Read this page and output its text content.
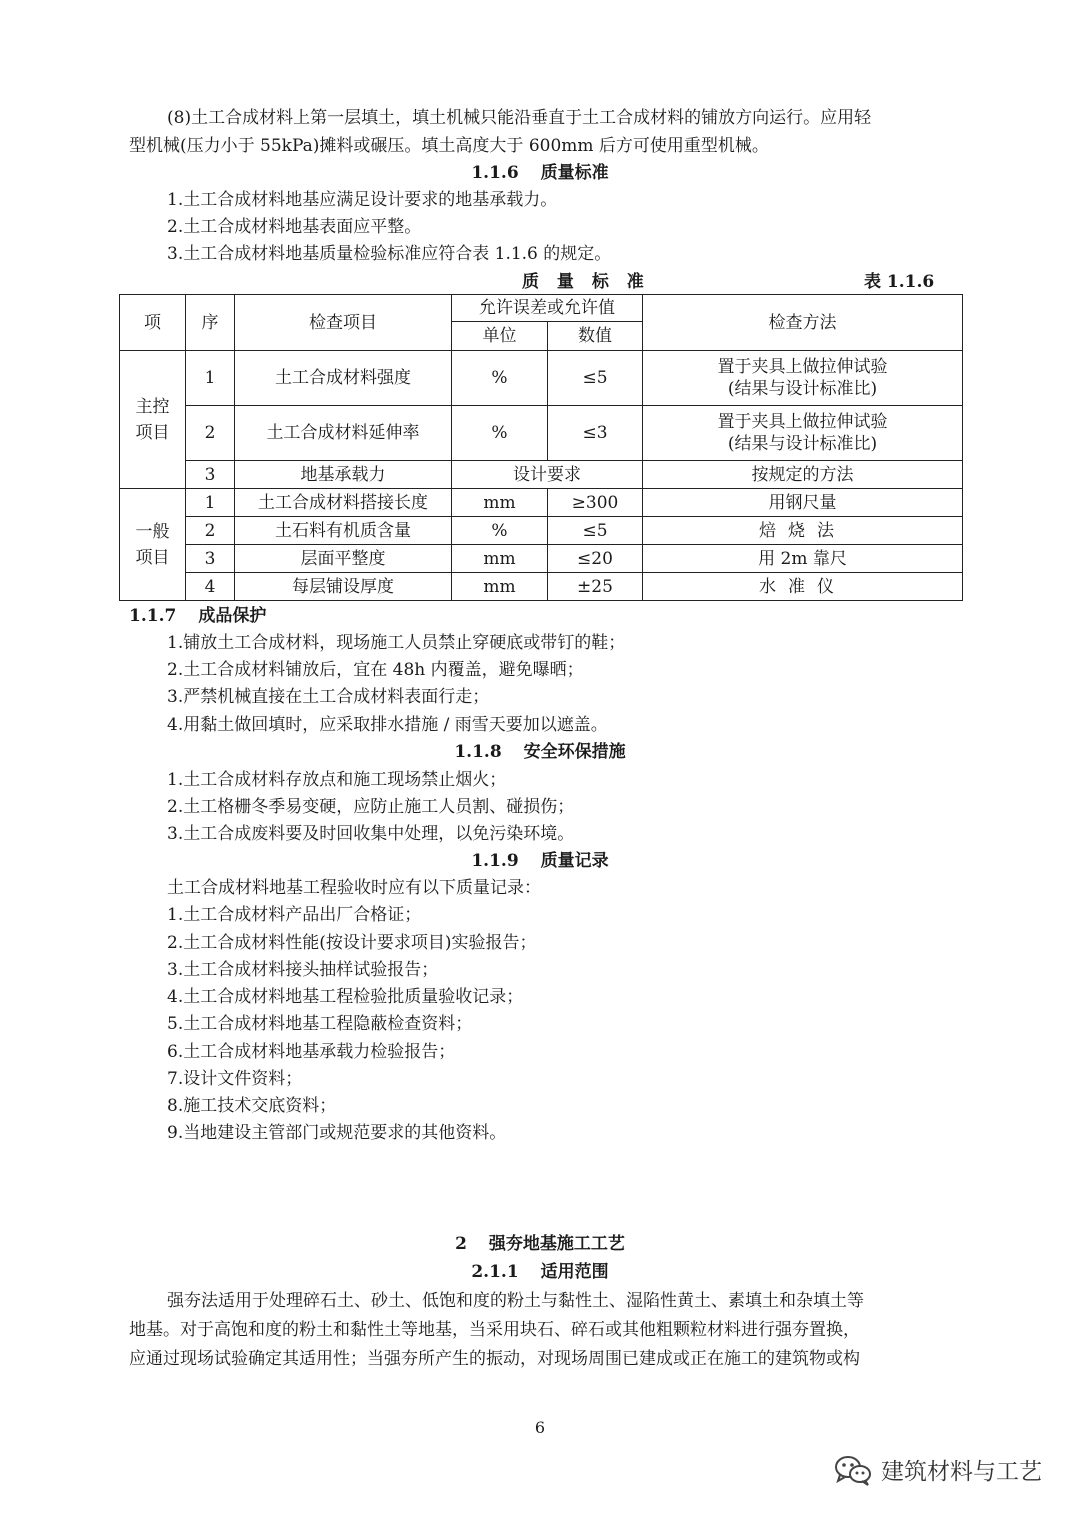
(8)土工合成材料上第一层填土，填土机械只能沿垂直于土工合成材料的铺放方向运行。应用轻
型机械(压力小于 55kPa)摊料或碾压。填土高度大于 600mm 后方可使用重型机械。
1.1.6 质量标准
1.土工合成材料地基应满足设计要求的地基承载力。
2.土工合成材料地基表面应平整。
3.土工合成材料地基质量检验标准应符合表 1.1.6 的规定。
质 量 标 准	表 1.1.6
项	序	检查项目	允许误差或允许值		检查方法
			单位	数值	

主控项目	1	土工合成材料强度	%	≤5	置于夹具上做拉伸试验
(结果与设计标准比)

	2	土工合成材料延伸率	%	≤3	置于夹具上做拉伸试验
(结果与设计标准比)

	3	地基承载力	设计要求		按规定的方法

一般项目	1	土工合成材料搭接长度	mm	≥300	用钢尺量
	2	土石料有机质含量	%	≤5	焙烧法
	3	层面平整度	mm	≤20	用 2m 靠尺
	4	每层铺设厚度	mm	±25	水准仪
1.1.7 成品保护
1.铺放土工合成材料，现场施工人员禁止穿硬底或带钉的鞋；
2.土工合成材料铺放后，宜在 48h 内覆盖，避免曝晒；
3.严禁机械直接在土工合成材料表面行走；
4.用黏土做回填时，应采取排水措施 / 雨雪天要加以遮盖。
1.1.8 安全环保措施
1.土工合成材料存放点和施工现场禁止烟火；
2.土工格栅冬季易变硬，应防止施工人员割、碰损伤；
3.土工合成废料要及时回收集中处理，以免污染环境。
1.1.9 质量记录
土工合成材料地基工程验收时应有以下质量记录：
1.土工合成材料产品出厂合格证；
2.土工合成材料性能(按设计要求项目)实验报告；
3.土工合成材料接头抽样试验报告；
4.土工合成材料地基工程检验批质量验收记录；
5.土工合成材料地基工程隐蔽检查资料；
6.土工合成材料地基承载力检验报告；
7.设计文件资料；
8.施工技术交底资料；
9.当地建设主管部门或规范要求的其他资料。
2 强夯地基施工工艺
2.1.1 适用范围
强夯法适用于处理碎石土、砂土、低饱和度的粉土与黏性土、湿陷性黄土、素填土和杂填土等
地基。对于高饱和度的粉土和黏性土等地基，当采用块石、碎石或其他粗颗粒材料进行强夯置换，
应通过现场试验确定其适用性；当强夯所产生的振动，对现场周围已建成或正在施工的建筑物或构
6
建筑材料与工艺
